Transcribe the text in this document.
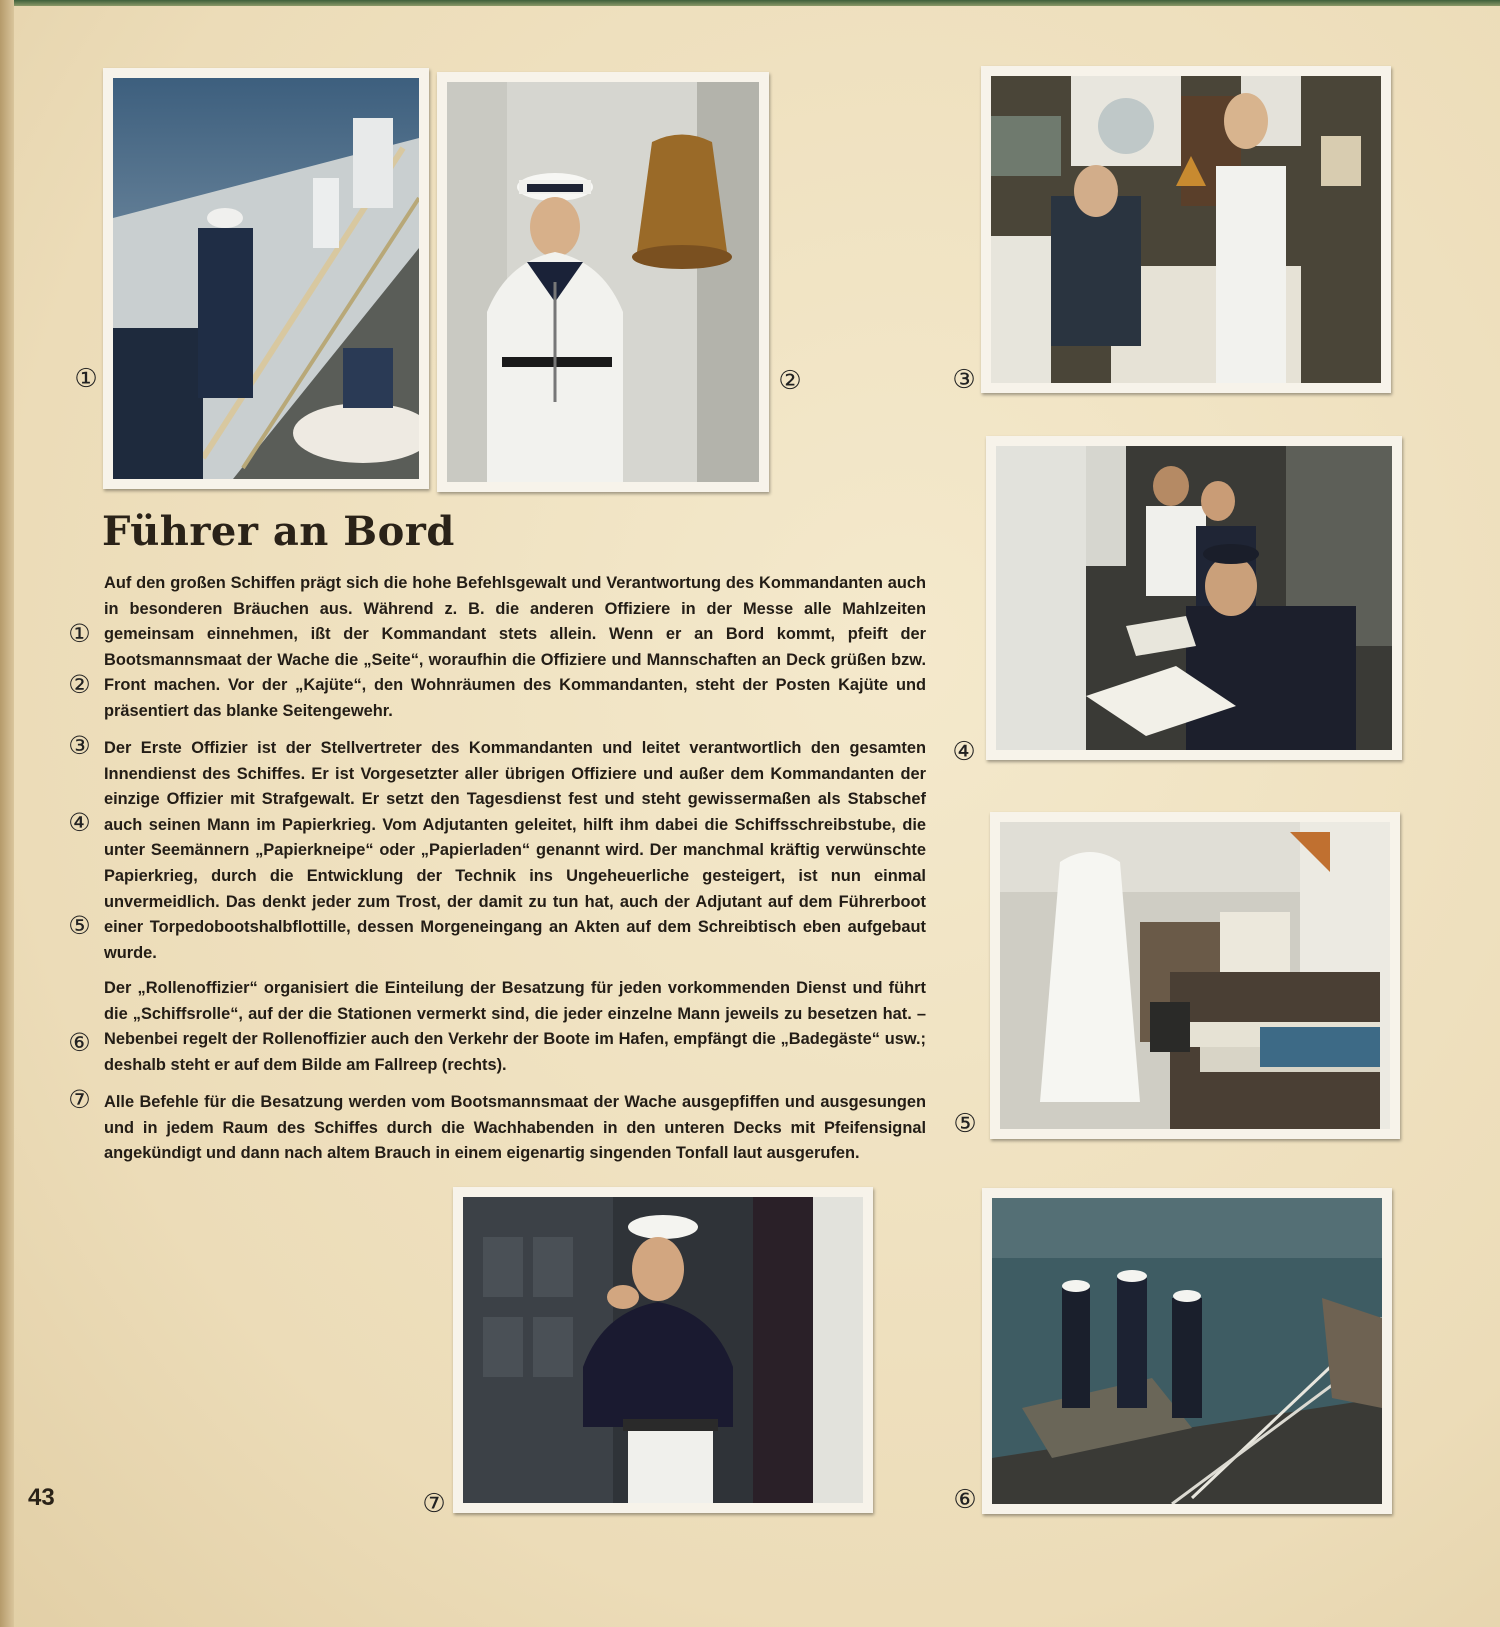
①	②	③
④
⑤
⑥
⑦
Führer an Bord
Auf den großen Schiffen prägt sich die hohe Befehlsgewalt und Verantwortung des Kommandanten auch in besonderen Bräuchen aus. Während z. B. die anderen Offiziere in der Messe alle Mahlzeiten gemeinsam einnehmen, ißt der Kommandant stets allein. Wenn er an Bord kommt, pfeift der Bootsmannsmaat der Wache die „Seite“, woraufhin die Offiziere und Mannschaften an Deck grüßen bzw. Front machen. Vor der „Kajüte“, den Wohnräumen des Kommandanten, steht der Posten Kajüte und präsentiert das blanke Seitengewehr.
Der Erste Offizier ist der Stellvertreter des Kommandanten und leitet verantwortlich den gesamten Innendienst des Schiffes. Er ist Vorgesetzter aller übrigen Offiziere und außer dem Kommandanten der einzige Offizier mit Strafgewalt. Er setzt den Tagesdienst fest und steht gewissermaßen als Stabschef auch seinen Mann im Papierkrieg. Vom Adjutanten geleitet, hilft ihm dabei die Schiffsschreibstube, die unter Seemännern „Papierkneipe“ oder „Papierladen“ genannt wird. Der manchmal kräftig verwünschte Papierkrieg, durch die Entwicklung der Technik ins Ungeheuerliche gesteigert, ist nun einmal unvermeidlich. Das denkt jeder zum Trost, der damit zu tun hat, auch der Adjutant auf dem Führerboot einer Torpedobootshalbflottille, dessen Morgeneingang an Akten auf dem Schreibtisch eben aufgebaut wurde.
Der „Rollenoffizier“ organisiert die Einteilung der Besatzung für jeden vorkommenden Dienst und führt die „Schiffsrolle“, auf der die Stationen vermerkt sind, die jeder einzelne Mann jeweils zu besetzen hat. – Nebenbei regelt der Rollenoffizier auch den Verkehr der Boote im Hafen, empfängt die „Badegäste“ usw.; deshalb steht er auf dem Bilde am Fallreep (rechts).
Alle Befehle für die Besatzung werden vom Bootsmannsmaat der Wache ausgepfiffen und ausgesungen und in jedem Raum des Schiffes durch die Wachhabenden in den unteren Decks mit Pfeifensignal angekündigt und dann nach altem Brauch in einem eigenartig singenden Tonfall laut ausgerufen.
①
②
③
④
⑤
⑥
⑦
43
